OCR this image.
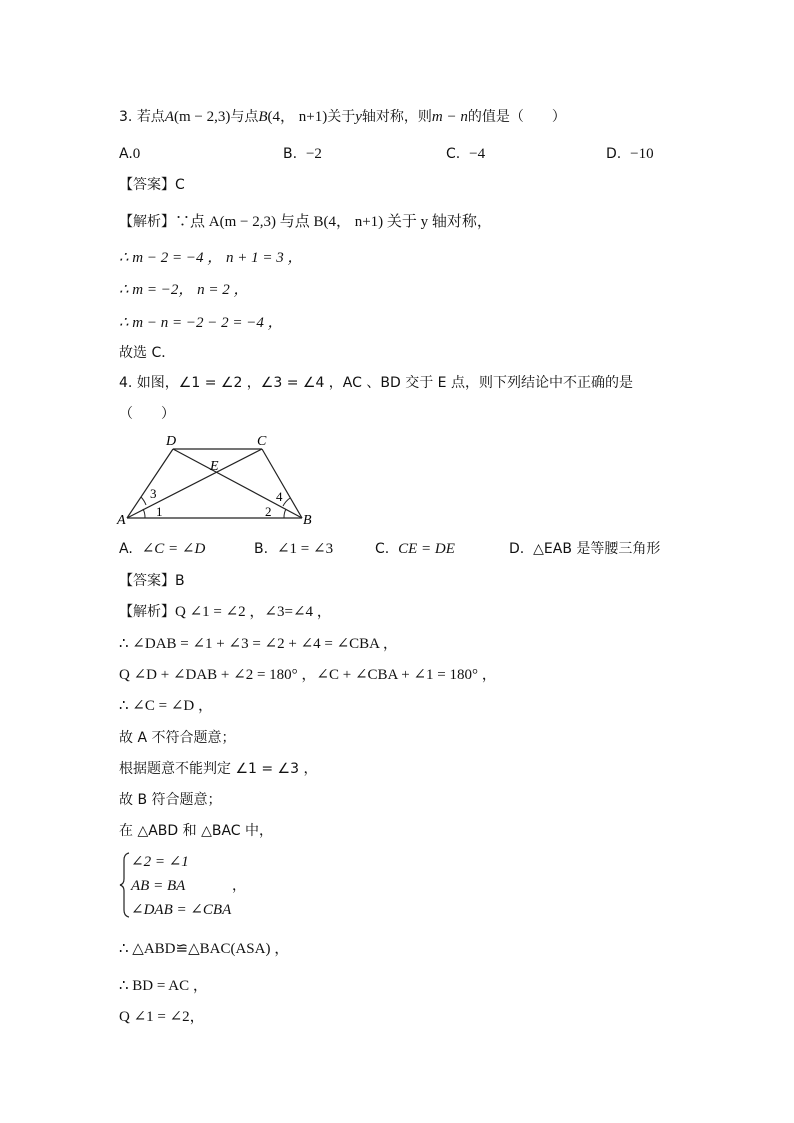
3. 若点A(m − 2,3)与点B(4， n+1)关于y轴对称，则m − n的值是（　　）
A.0	B. −2	C. −4	D. −10
【答案】C
【解析】∵点 A(m − 2,3) 与点 B(4， n+1) 关于 y 轴对称，
∴ m − 2 = −4 ， n + 1 = 3 ，
∴ m = −2， n = 2 ，
∴ m − n = −2 − 2 = −4 ，
故选 C．
4. 如图，∠1 = ∠2 ，∠3 = ∠4 ，AC 、BD 交于 E 点，则下列结论中不正确的是
（　　）
D	C
E
A	B
3
1	2
4
A. ∠C = ∠D	B. ∠1 = ∠3	C. CE = DE	D. △EAB 是等腰三角形
【答案】B
【解析】Q ∠1 = ∠2 ，∠3=∠4 ，
∴ ∠DAB = ∠1 + ∠3 = ∠2 + ∠4 = ∠CBA ，
Q ∠D + ∠DAB + ∠2 = 180° ，∠C + ∠CBA + ∠1 = 180° ，
∴ ∠C = ∠D ，
故 A 不符合题意；
根据题意不能判定 ∠1 = ∠3 ，
故 B 符合题意；
在 △ABD 和 △BAC 中，
∠2 = ∠1
AB = BA
∠DAB = ∠CBA
，
∴ △ABD≌△BAC(ASA) ，
∴ BD = AC ，
Q ∠1 = ∠2，
